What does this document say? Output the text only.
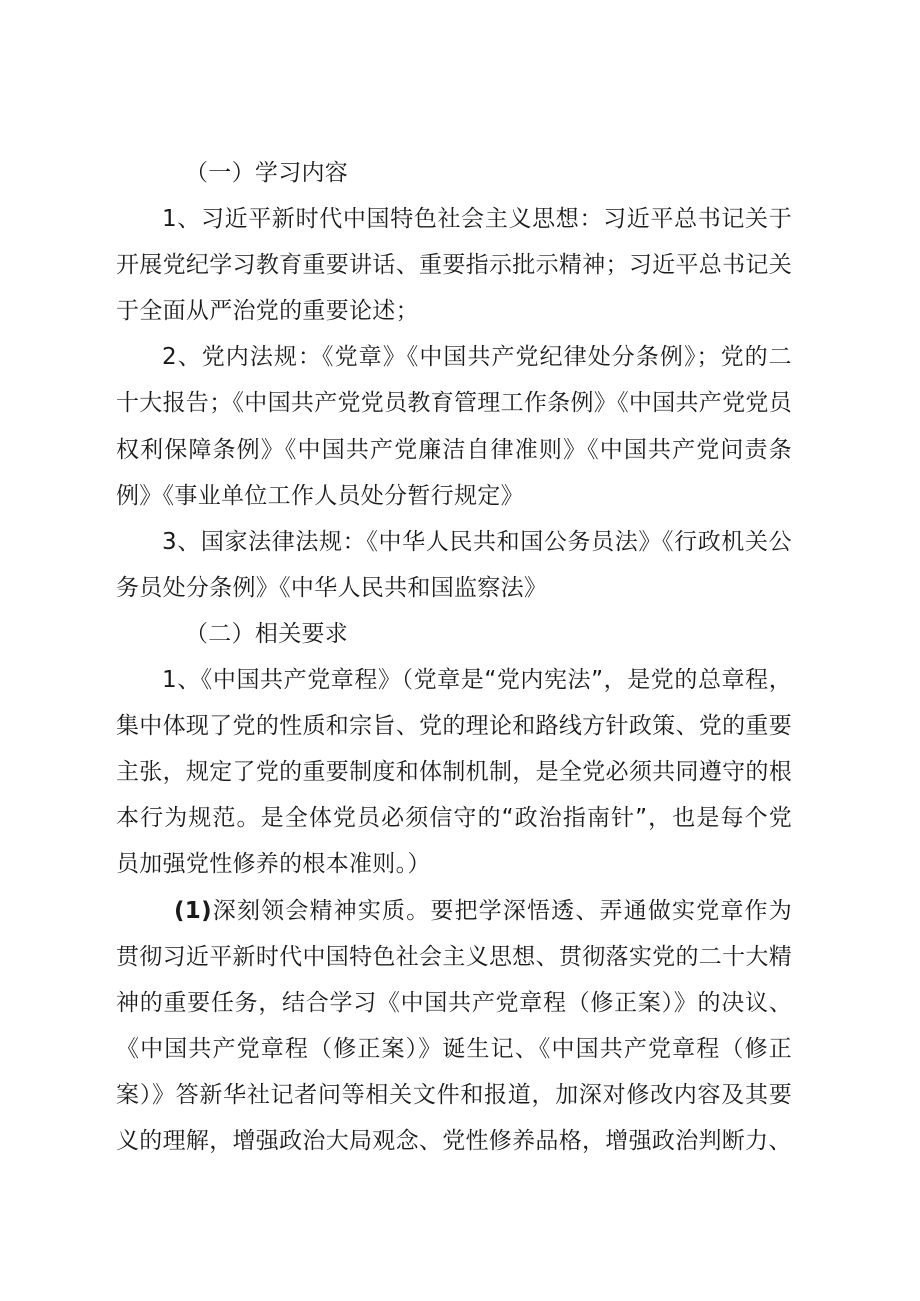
（一）学习内容

1、习近平新时代中国特色社会主义思想：习近平总书记关于开展党纪学习教育重要讲话、重要指示批示精神；习近平总书记关于全面从严治党的重要论述；

2、党内法规：《党章》《中国共产党纪律处分条例》；党的二十大报告；《中国共产党党员教育管理工作条例》《中国共产党党员权利保障条例》《中国共产党廉洁自律准则》《中国共产党问责条例》《事业单位工作人员处分暂行规定》

3、国家法律法规：《中华人民共和国公务员法》《行政机关公务员处分条例》《中华人民共和国监察法》

（二）相关要求

1、《中国共产党章程》（党章是“党内宪法”，是党的总章程，集中体现了党的性质和宗旨、党的理论和路线方针政策、党的重要主张，规定了党的重要制度和体制机制，是全党必须共同遵守的根本行为规范。是全体党员必须信守的“政治指南针”，也是每个党员加强党性修养的根本准则。）

(1)深刻领会精神实质。要把学深悟透、弄通做实党章作为贯彻习近平新时代中国特色社会主义思想、贯彻落实党的二十大精神的重要任务，结合学习《中国共产党章程（修正案）》的决议、《中国共产党章程（修正案）》诞生记、《中国共产党章程（修正案）》答新华社记者问等相关文件和报道，加深对修改内容及其要义的理解，增强政治大局观念、党性修养品格，增强政治判断力、
